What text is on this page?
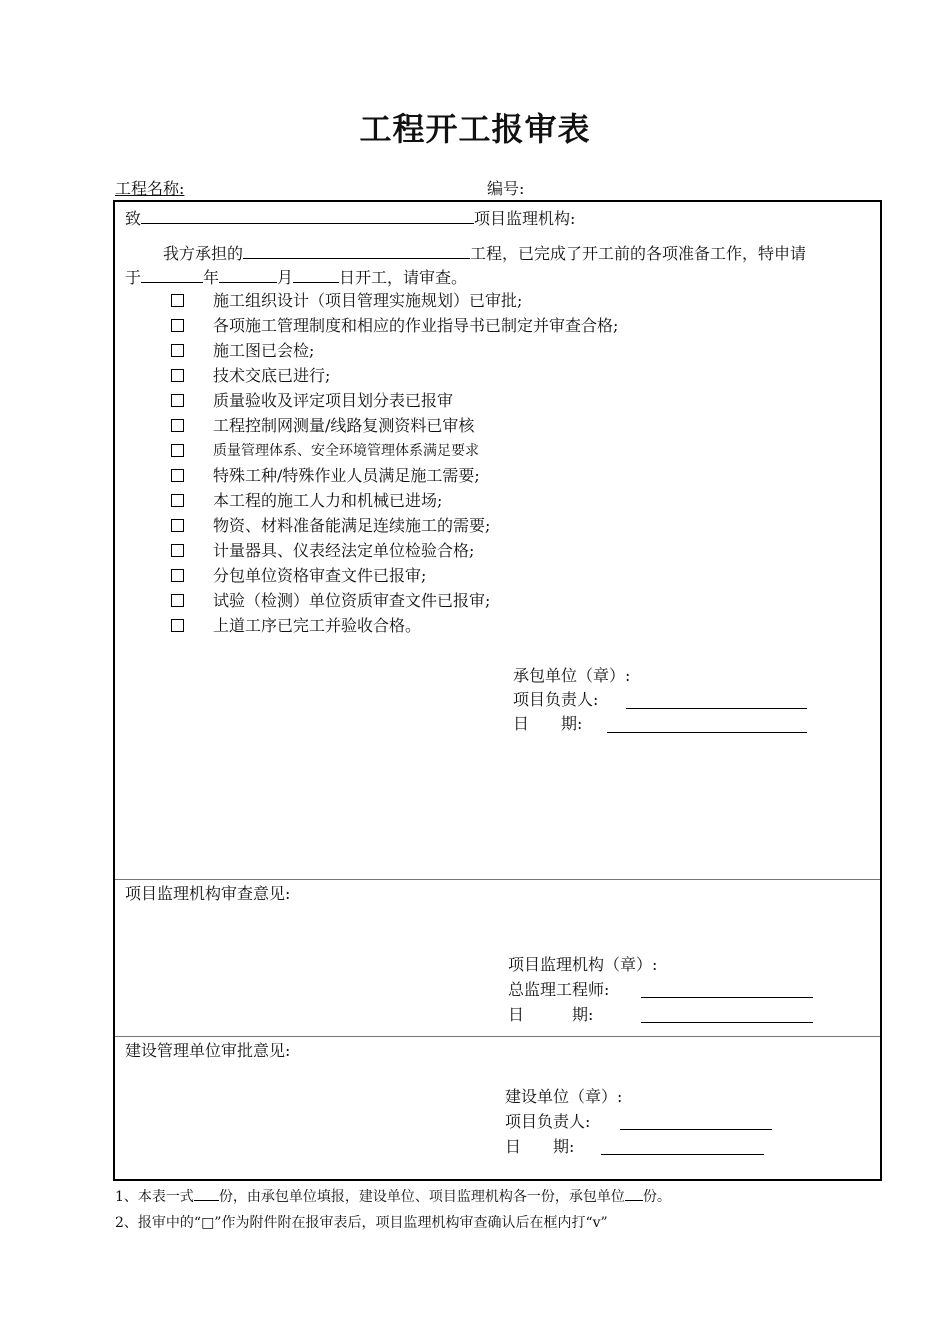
工程开工报审表
工程名称:	编号:
致	项目监理机构:
我方承担的	工程，已完成了开工前的各项准备工作，特申请
于	年	月	日开工，请审查。
施工组织设计（项目管理实施规划）已审批;
各项施工管理制度和相应的作业指导书已制定并审查合格;
施工图已会检;
技术交底已进行;
质量验收及评定项目划分表已报审
工程控制网测量/线路复测资料已审核
质量管理体系、安全环境管理体系满足要求
特殊工种/特殊作业人员满足施工需要;
本工程的施工人力和机械已进场;
物资、材料准备能满足连续施工的需要;
计量器具、仪表经法定单位检验合格;
分包单位资格审查文件已报审;
试验（检测）单位资质审查文件已报审;
上道工序已完工并验收合格。
承包单位（章）:
项目负责人:
日　　期:
项目监理机构审查意见:
项目监理机构（章）:
总监理工程师:
日　　　期:
建设管理单位审批意见:
建设单位（章）:
项目负责人:
日　　期:
1、本表一式 份，由承包单位填报，建设单位、项目监理机构各一份，承包单位 份。
2、报审中的“□”作为附件附在报审表后，项目监理机构审查确认后在框内打“v”
